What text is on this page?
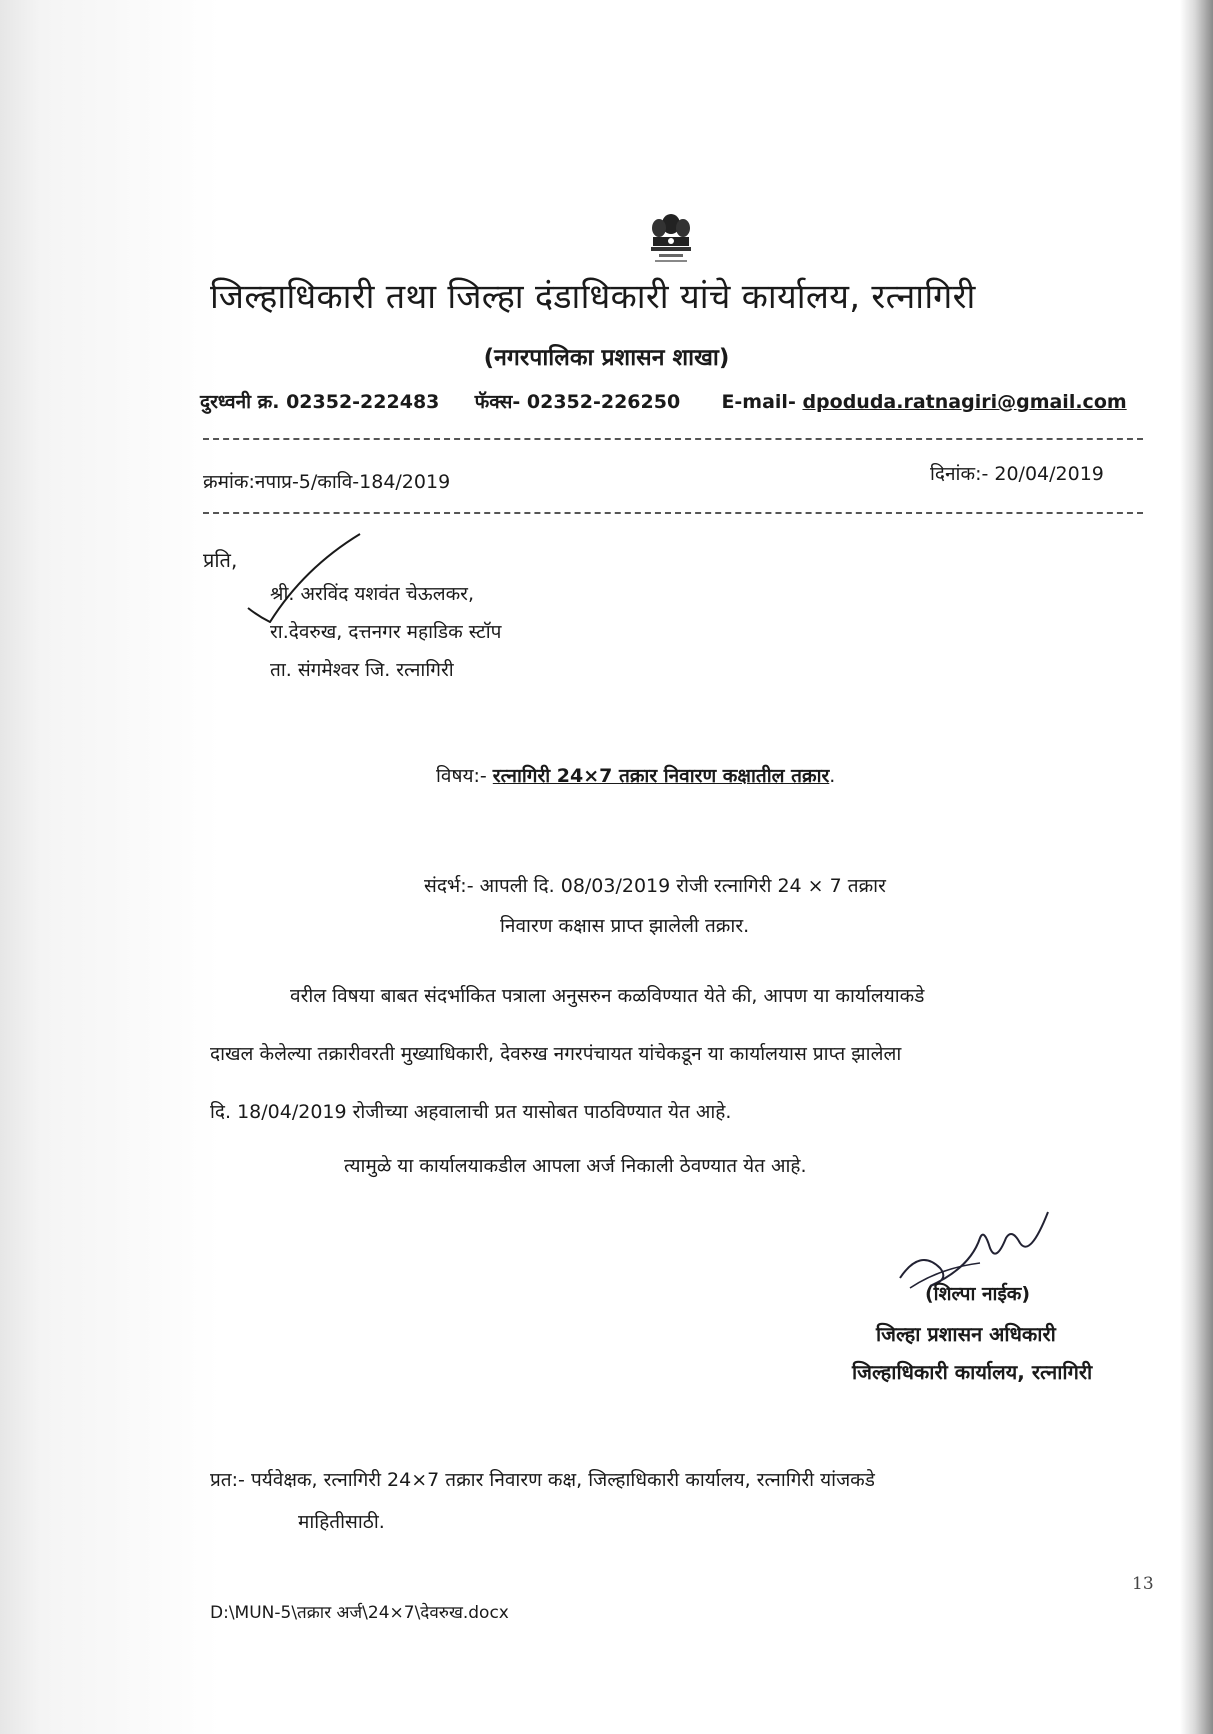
जिल्हाधिकारी तथा जिल्हा दंडाधिकारी यांचे कार्यालय, रत्नागिरी
(नगरपालिका प्रशासन शाखा)
दुरध्वनी क्र. 02352-222483 फॅक्स- 02352-226250 E-mail- dpoduda.ratnagiri@gmail.com
क्रमांक:नपाप्र-5/कावि-184/2019	दिनांक:- 20/04/2019
प्रति,
श्री. अरविंद यशवंत चेऊलकर,
रा.देवरुख, दत्तनगर महाडिक स्टॉप
ता. संगमेश्वर जि. रत्नागिरी
विषय:- रत्नागिरी 24×7 तक्रार निवारण कक्षातील तक्रार.
संदर्भ:- आपली दि. 08/03/2019 रोजी रत्नागिरी 24 × 7 तक्रार
निवारण कक्षास प्राप्त झालेली तक्रार.
वरील विषया बाबत संदर्भाकित पत्राला अनुसरुन कळविण्यात येते की, आपण या कार्यालयाकडे
दाखल केलेल्या तक्रारीवरती मुख्याधिकारी, देवरुख नगरपंचायत यांचेकडून या कार्यालयास प्राप्त झालेला
दि. 18/04/2019 रोजीच्या अहवालाची प्रत यासोबत पाठविण्यात येत आहे.
त्यामुळे या कार्यालयाकडील आपला अर्ज निकाली ठेवण्यात येत आहे.
(शिल्पा नाईक)
जिल्हा प्रशासन अधिकारी
जिल्हाधिकारी कार्यालय, रत्नागिरी
प्रत:- पर्यवेक्षक, रत्नागिरी 24×7 तक्रार निवारण कक्ष, जिल्हाधिकारी कार्यालय, रत्नागिरी यांजकडे
माहितीसाठी.
13
D:\MUN-5\तक्रार अर्ज\24×7\देवरुख.docx
